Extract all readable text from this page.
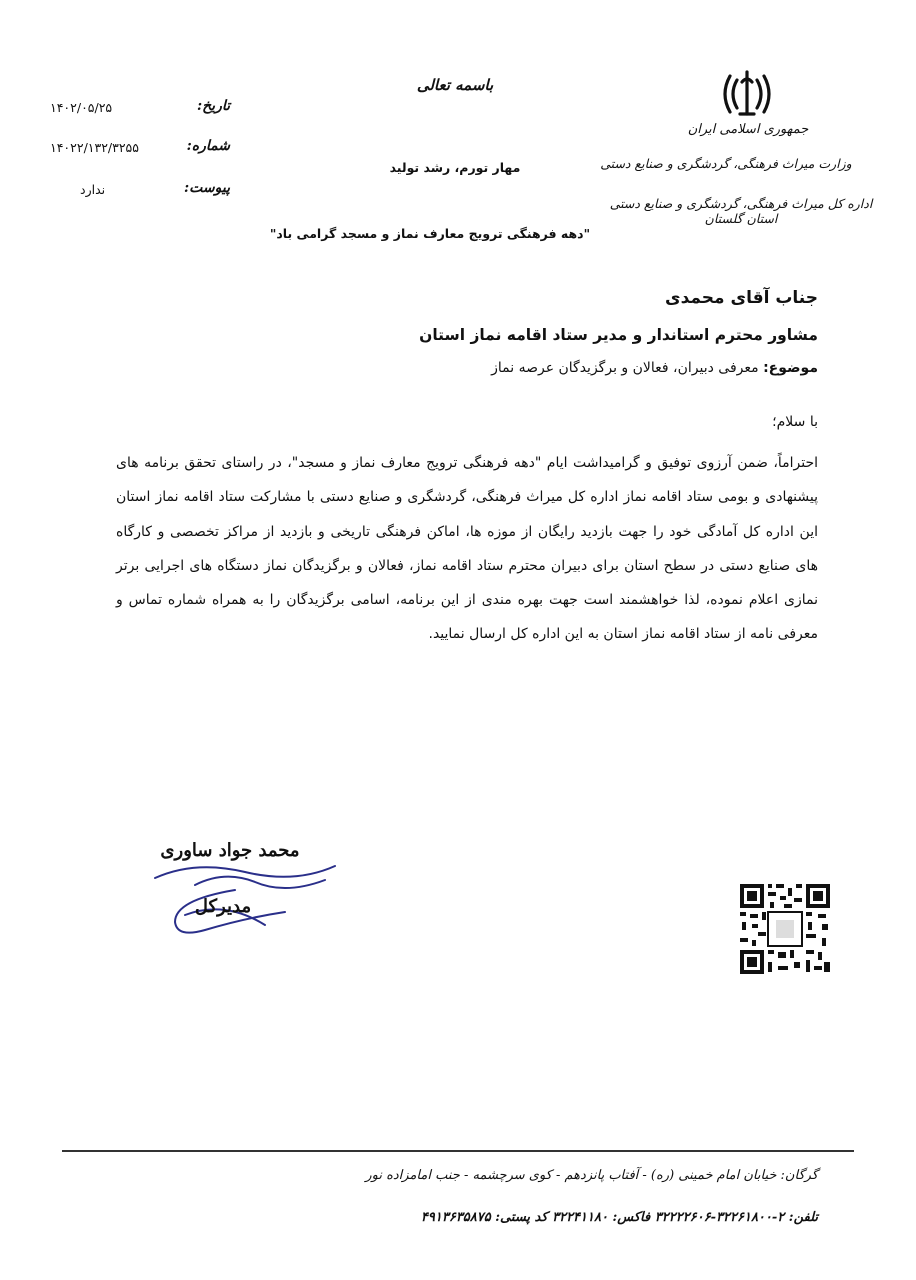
جمهوری اسلامی ایران
وزارت میراث فرهنگی، گردشگری و صنایع دستی
اداره کل میراث فرهنگی، گردشگری و صنایع دستی استان گلستان
باسمه تعالی
مهار تورم، رشد تولید
"دهه فرهنگی ترویج معارف نماز و مسجد گرامی باد"
تاریخ:
۱۴۰۲/۰۵/۲۵
شماره:
۱۴۰۲۲/۱۳۲/۳۲۵۵
پیوست:
ندارد
جناب آقای محمدی
مشاور محترم استاندار و مدیر ستاد اقامه نماز استان
موضوع: معرفی دبیران، فعالان و برگزیدگان عرصه نماز
با سلام؛
احتراماً، ضمن آرزوی توفیق و گرامیداشت ایام "دهه فرهنگی ترویج معارف نماز و مسجد"، در راستای تحقق برنامه های پیشنهادی و بومی ستاد اقامه نماز اداره کل میراث فرهنگی، گردشگری و صنایع دستی با مشارکت ستاد اقامه نماز استان این اداره کل آمادگی خود را جهت بازدید رایگان از موزه ها، اماکن فرهنگی تاریخی و بازدید از مراکز تخصصی و کارگاه های صنایع دستی در سطح استان برای دبیران محترم ستاد اقامه نماز، فعالان و برگزیدگان نماز دستگاه های اجرایی برتر نمازی اعلام نموده، لذا خواهشمند است جهت بهره مندی از این برنامه، اسامی برگزیدگان را به همراه شماره تماس و معرفی نامه از ستاد اقامه نماز استان به این اداره کل ارسال نمایید.
محمد جواد ساوری
مدیرکل
گرگان: خیابان امام خمینی (ره) - آفتاب پانزدهم - کوی سرچشمه - جنب امامزاده نور
تلفن: ۲-۳۲۲۶۱۸۰۰-۳۲۲۲۲۶۰۶ فاکس: ۳۲۲۴۱۱۸۰ کد پستی: ۴۹۱۳۶۳۵۸۷۵
